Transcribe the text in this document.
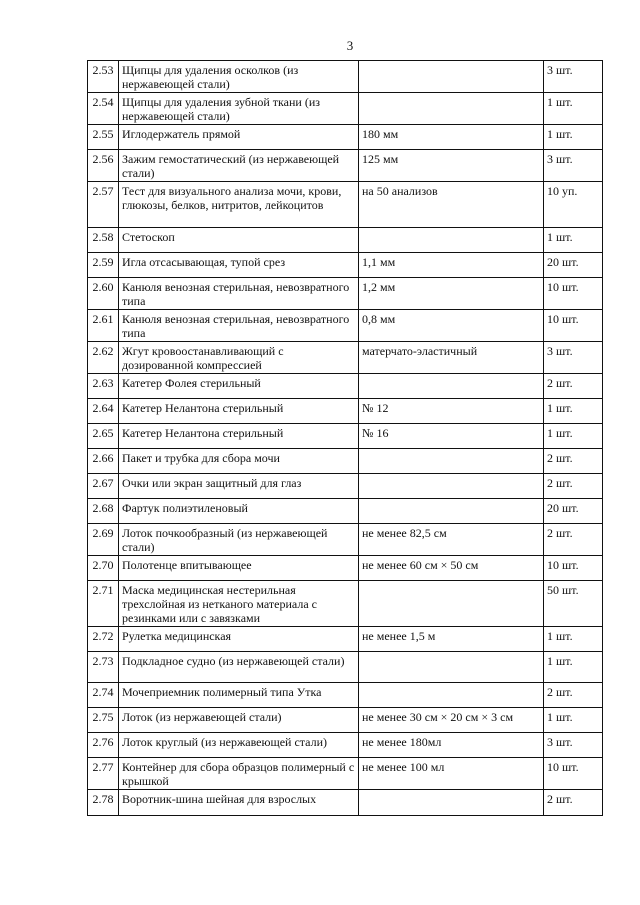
3
2.53	Щипцы для удаления осколков (из нержавеющей стали)		3 шт.
2.54	Щипцы для удаления зубной ткани (из нержавеющей стали)		1 шт.
2.55	Иглодержатель прямой	180 мм	1 шт.
2.56	Зажим гемостатический (из нержавеющей стали)	125 мм	3 шт.
2.57	Тест для визуального анализа мочи, крови, глюкозы, белков, нитритов, лейкоцитов	на 50 анализов	10 уп.
2.58	Стетоскоп		1 шт.
2.59	Игла отсасывающая, тупой срез	1,1 мм	20 шт.
2.60	Канюля венозная стерильная, невозвратного типа	1,2 мм	10 шт.
2.61	Канюля венозная стерильная, невозвратного типа	0,8 мм	10 шт.
2.62	Жгут кровоостанавливающий с дозированной компрессией	матерчато-эластичный	3 шт.
2.63	Катетер Фолея стерильный		2 шт.
2.64	Катетер Нелантона стерильный	№ 12	1 шт.
2.65	Катетер Нелантона стерильный	№ 16	1 шт.
2.66	Пакет и трубка для сбора мочи		2 шт.
2.67	Очки или экран защитный для глаз		2 шт.
2.68	Фартук полиэтиленовый		20 шт.
2.69	Лоток почкообразный (из нержавеющей стали)	не менее 82,5 см	2 шт.
2.70	Полотенце впитывающее	не менее 60 см × 50 см	10 шт.
2.71	Маска медицинская нестерильная трехслойная из нетканого материала с резинками или с завязками		50 шт.
2.72	Рулетка медицинская	не менее 1,5 м	1 шт.
2.73	Подкладное судно (из нержавеющей стали)		1 шт.
2.74	Мочеприемник полимерный типа Утка		2 шт.
2.75	Лоток (из нержавеющей стали)	не менее 30 см × 20 см × 3 см	1 шт.
2.76	Лоток круглый (из нержавеющей стали)	не менее 180мл	3 шт.
2.77	Контейнер для сбора образцов полимерный с крышкой	не менее 100 мл	10 шт.
2.78	Воротник-шина шейная для взрослых		2 шт.
